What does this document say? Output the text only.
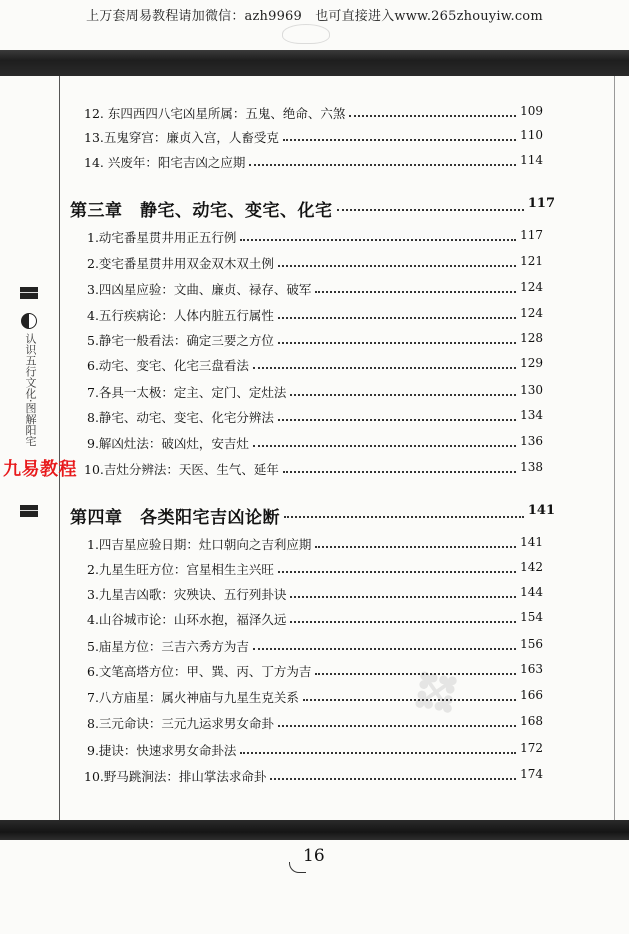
上万套周易教程请加微信：azh9969　也可直接进入www.265zhouyiw.com
认识五行文化·图解阳宅
九易教程
✥
12. 东四西四八宅凶星所属：五鬼、绝命、六煞	109
13.五鬼穿宫：廉贞入宫，人畜受克	110
14. 兴废年：阳宅吉凶之应期	114
第三章　静宅、动宅、变宅、化宅	117
1.动宅番星贯井用正五行例	117
2.变宅番星贯井用双金双木双土例	121
3.四凶星应验：文曲、廉贞、禄存、破军	124
4.五行疾病论：人体内脏五行属性	124
5.静宅一般看法：确定三要之方位	128
6.动宅、变宅、化宅三盘看法	129
7.各具一太极：定主、定门、定灶法	130
8.静宅、动宅、变宅、化宅分辨法	134
9.解凶灶法：破凶灶，安吉灶	136
10.吉灶分辨法：天医、生气、延年	138
第四章　各类阳宅吉凶论断	141
1.四吉星应验日期：灶口朝向之吉利应期	141
2.九星生旺方位：宫星相生主兴旺	142
3.九星吉凶歌：灾殃诀、五行列卦诀	144
4.山谷城市论：山环水抱，福泽久远	154
5.庙星方位：三吉六秀方为吉	156
6.文笔高塔方位：甲、巽、丙、丁方为吉	163
7.八方庙星：属火神庙与九星生克关系	166
8.三元命诀：三元九运求男女命卦	168
9.捷诀：快速求男女命卦法	172
10.野马跳涧法：排山掌法求命卦	174
16
